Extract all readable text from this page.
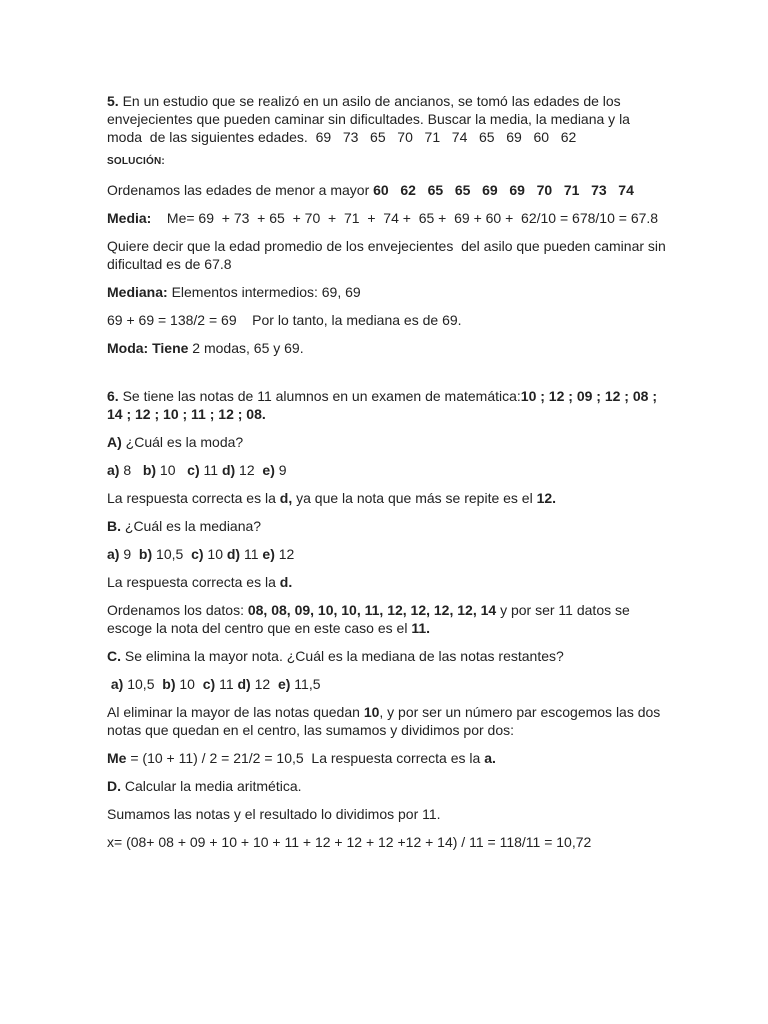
5. En un estudio que se realizó en un asilo de ancianos, se tomó las edades de los envejecientes que pueden caminar sin dificultades. Buscar la media, la mediana y la moda  de las siguientes edades.  69   73   65   70   71   74   65   69   60   62
SOLUCIÓN:
Ordenamos las edades de menor a mayor 60   62   65   65   69   69   70   71   73   74
Media:    Me= 69  + 73  + 65  + 70  +  71  +  74 +  65 +  69 + 60 +  62/10 = 678/10 = 67.8
Quiere decir que la edad promedio de los envejecientes  del asilo que pueden caminar sin dificultad es de 67.8
Mediana: Elementos intermedios: 69, 69
69 + 69 = 138/2 = 69    Por lo tanto, la mediana es de 69.
Moda: Tiene 2 modas, 65 y 69.
6. Se tiene las notas de 11 alumnos en un examen de matemática:10 ; 12 ; 09 ; 12 ; 08 ; 14 ; 12 ; 10 ; 11 ; 12 ; 08.
A) ¿Cuál es la moda?
a) 8   b) 10   c) 11 d) 12  e) 9
La respuesta correcta es la d, ya que la nota que más se repite es el 12.
B. ¿Cuál es la mediana?
a) 9  b) 10,5  c) 10 d) 11 e) 12
La respuesta correcta es la d.
Ordenamos los datos: 08, 08, 09, 10, 10, 11, 12, 12, 12, 12, 14 y por ser 11 datos se escoge la nota del centro que en este caso es el 11.
C. Se elimina la mayor nota. ¿Cuál es la mediana de las notas restantes?
a) 10,5  b) 10  c) 11 d) 12  e) 11,5
Al eliminar la mayor de las notas quedan 10, y por ser un número par escogemos las dos notas que quedan en el centro, las sumamos y dividimos por dos:
Me = (10 + 11) / 2 = 21/2 = 10,5  La respuesta correcta es la a.
D. Calcular la media aritmética.
Sumamos las notas y el resultado lo dividimos por 11.
x= (08+ 08 + 09 + 10 + 10 + 11 + 12 + 12 + 12 +12 + 14) / 11 = 118/11 = 10,72
